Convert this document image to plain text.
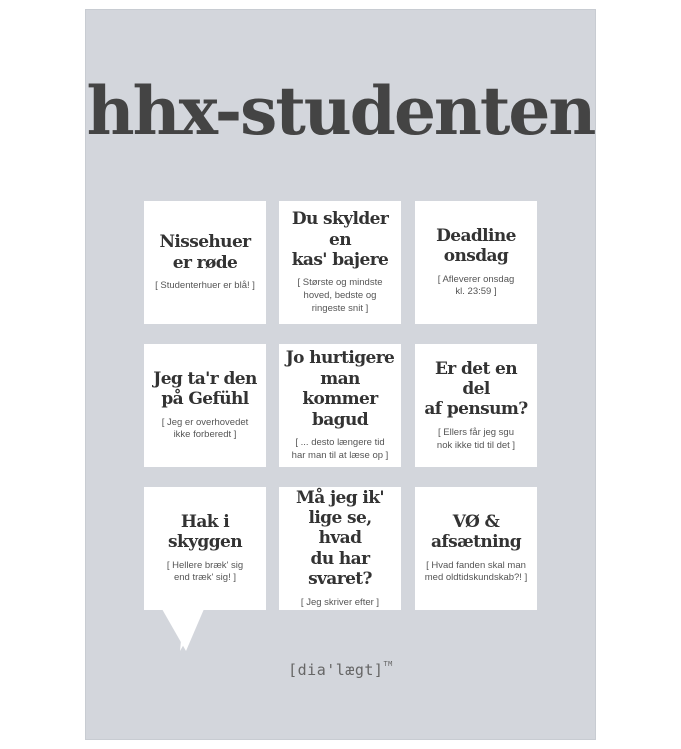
hhx-studenten
Nissehuer
er røde
[ Studenterhuer er blå! ]
Du skylder en
kas' bajere
[ Største og mindste
hoved, bedste og
ringeste snit ]
Deadline
onsdag
[ Afleverer onsdag
kl. 23:59 ]
Jeg ta'r den
på Gefühl
[ Jeg er overhovedet
ikke forberedt ]
Jo hurtigere
man kommer
bagud
[ ... desto længere tid
har man til at læse op ]
Er det en del
af pensum?
[ Ellers får jeg sgu
nok ikke tid til det ]
Hak i
skyggen
[ Hellere bræk' sig
end træk' sig! ]
Må jeg ik'
lige se, hvad
du har svaret?
[ Jeg skriver efter ]
VØ &
afsætning
[ Hvad fanden skal man
med oldtidskundskab?! ]
[dia'lægt]™
